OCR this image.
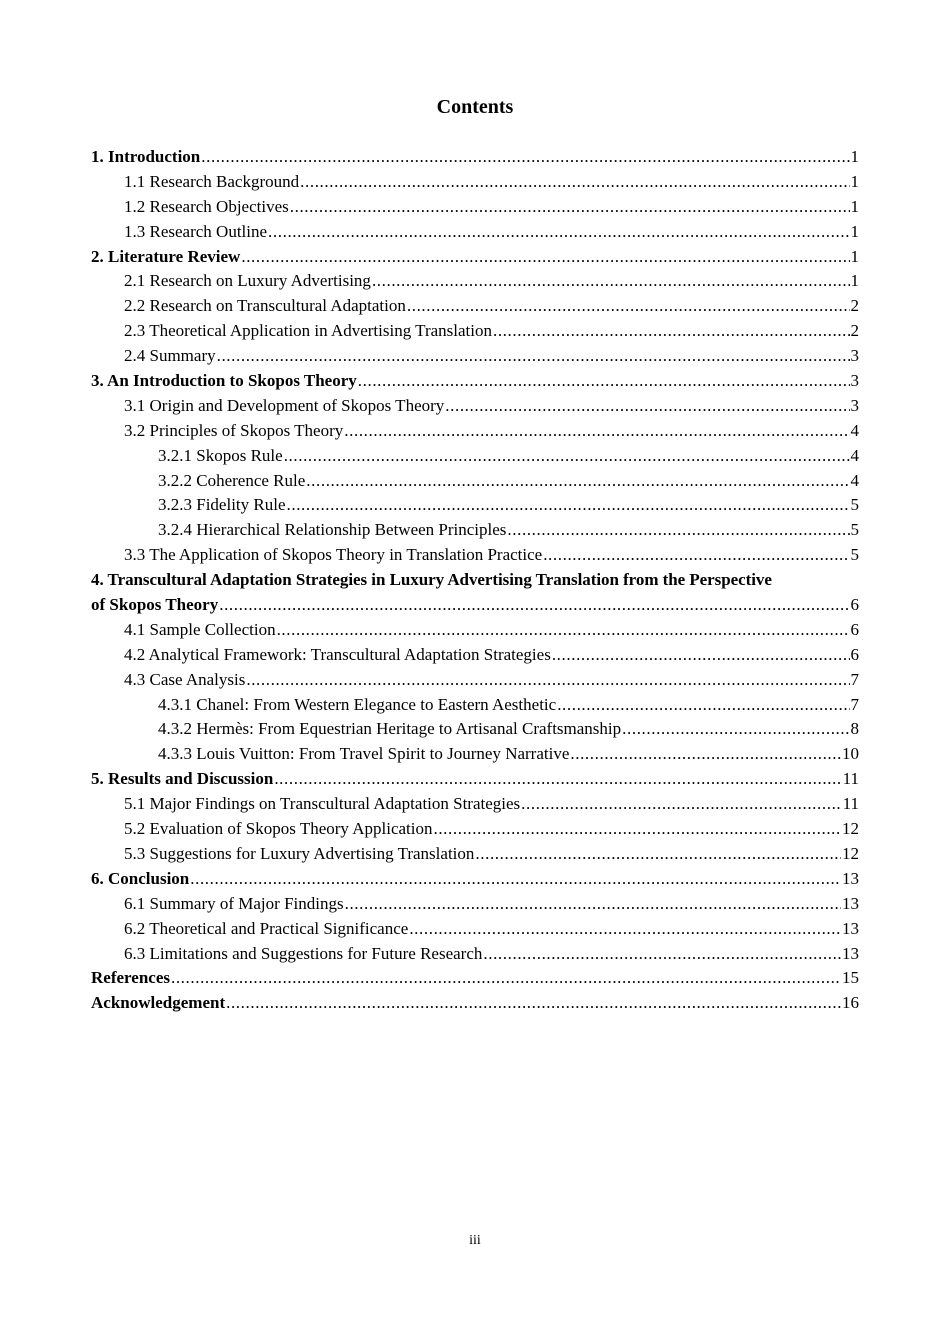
Contents
1. Introduction .....	1
1.1 Research Background .....	1
1.2 Research Objectives .....	1
1.3 Research Outline .....	1
2. Literature Review .....	1
2.1 Research on Luxury Advertising .....	1
2.2 Research on Transcultural Adaptation .....	2
2.3 Theoretical Application in Advertising Translation .....	2
2.4 Summary .....	3
3. An Introduction to Skopos Theory .....	3
3.1 Origin and Development of Skopos Theory .....	3
3.2 Principles of Skopos Theory .....	4
3.2.1 Skopos Rule .....	4
3.2.2 Coherence Rule .....	4
3.2.3 Fidelity Rule .....	5
3.2.4 Hierarchical Relationship Between Principles .....	5
3.3 The Application of Skopos Theory in Translation Practice .....	5
4. Transcultural Adaptation Strategies in Luxury Advertising Translation from the Perspective
of Skopos Theory .....	6
4.1 Sample Collection .....	6
4.2 Analytical Framework: Transcultural Adaptation Strategies .....	6
4.3 Case Analysis .....	7
4.3.1 Chanel: From Western Elegance to Eastern Aesthetic .....	7
4.3.2 Hermès: From Equestrian Heritage to Artisanal Craftsmanship .....	8
4.3.3 Louis Vuitton: From Travel Spirit to Journey Narrative .....	10
5. Results and Discussion .....	11
5.1 Major Findings on Transcultural Adaptation Strategies .....	11
5.2 Evaluation of Skopos Theory Application .....	12
5.3 Suggestions for Luxury Advertising Translation .....	12
6. Conclusion .....	13
6.1 Summary of Major Findings .....	13
6.2 Theoretical and Practical Significance .....	13
6.3 Limitations and Suggestions for Future Research .....	13
References .....	15
Acknowledgement .....	16
iii
